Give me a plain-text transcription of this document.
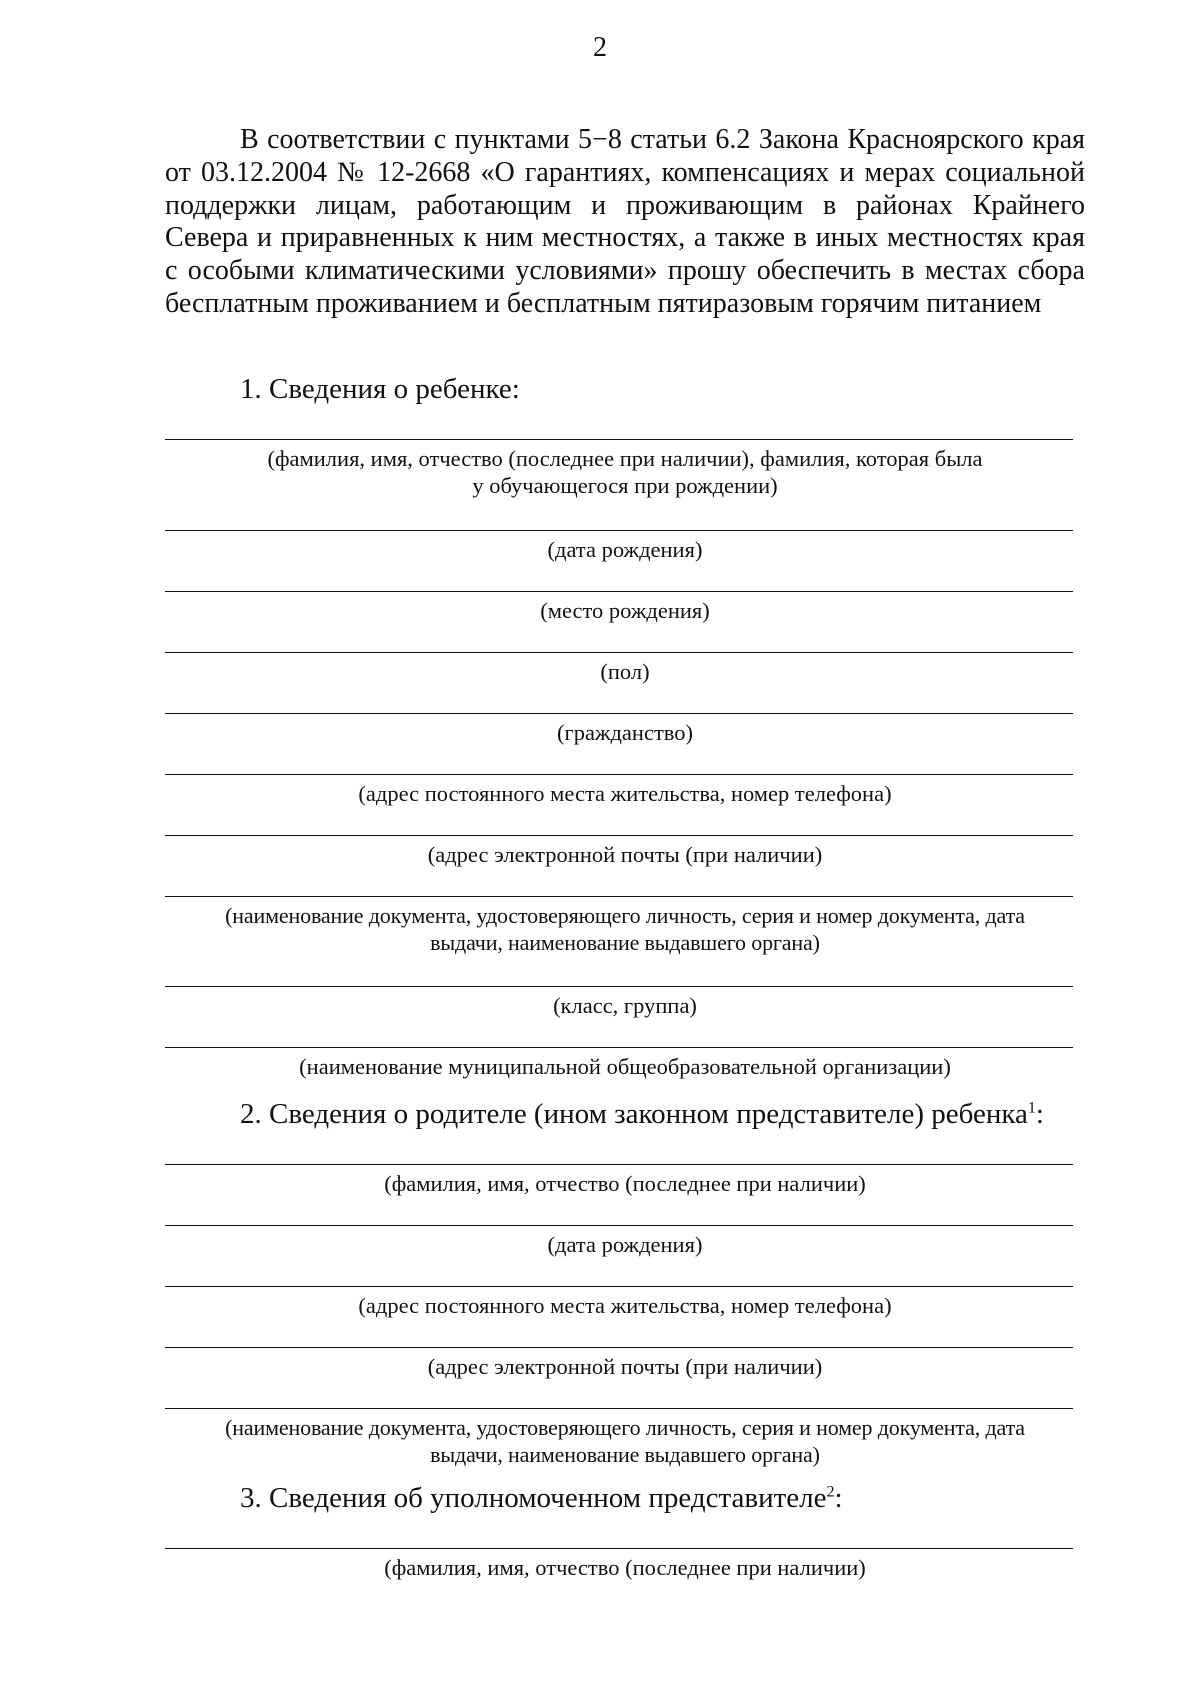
2

В соответствии с пунктами 5−8 статьи 6.2 Закона Красноярского края от 03.12.2004 № 12-2668 «О гарантиях, компенсациях и мерах социальной поддержки лицам, работающим и проживающим в районах Крайнего Севера и приравненных к ним местностях, а также в иных местностях края с особыми климатическими условиями» прошу обеспечить в местах сбора бесплатным проживанием и бесплатным пятиразовым горячим питанием

1. Сведения о ребенке:

(фамилия, имя, отчество (последнее при наличии), фамилия, которая была
у обучающегося при рождении)

(дата рождения)

(место рождения)

(пол)

(гражданство)

(адрес постоянного места жительства, номер телефона)

(адрес электронной почты (при наличии)

(наименование документа, удостоверяющего личность, серия и номер документа, дата
выдачи, наименование выдавшего органа)

(класс, группа)

(наименование муниципальной общеобразовательной организации)

2. Сведения о родителе (ином законном представителе) ребенка$^1$:

(фамилия, имя, отчество (последнее при наличии)

(дата рождения)

(адрес постоянного места жительства, номер телефона)

(адрес электронной почты (при наличии)

(наименование документа, удостоверяющего личность, серия и номер документа, дата
выдачи, наименование выдавшего органа)

3. Сведения об уполномоченном представителе$^2$:

(фамилия, имя, отчество (последнее при наличии)
